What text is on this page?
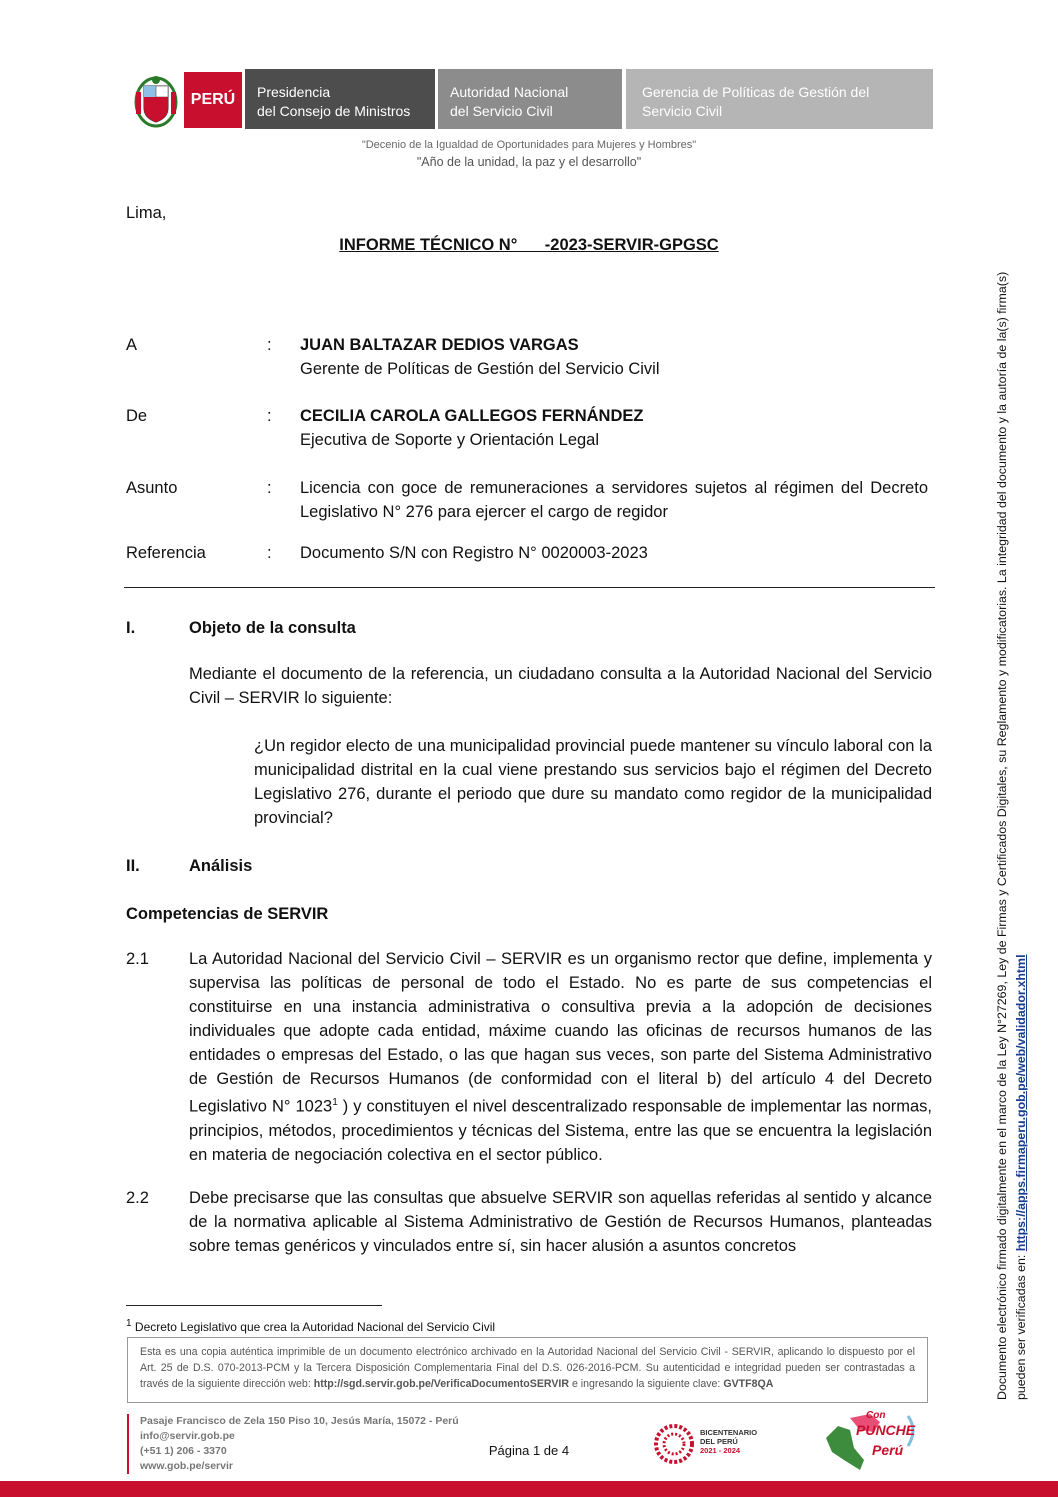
PERÚ Presidencia
del Consejo de Ministros
Autoridad Nacional
del Servicio Civil
Gerencia de Políticas de Gestión del
Servicio Civil
"Decenio de la Igualdad de Oportunidades para Mujeres y Hombres"
"Año de la unidad, la paz y el desarrollo"
Lima,
INFORME TÉCNICO N°      -2023-SERVIR-GPGSC
A	: JUAN BALTAZAR DEDIOS VARGAS
Gerente de Políticas de Gestión del Servicio Civil
De	: CECILIA CAROLA GALLEGOS FERNÁNDEZ
Ejecutiva de Soporte y Orientación Legal
Asunto	: Licencia con goce de remuneraciones a servidores sujetos al régimen del Decreto Legislativo N° 276 para ejercer el cargo de regidor
Referencia	: Documento S/N con Registro N° 0020003-2023
I.	Objeto de la consulta
Mediante el documento de la referencia, un ciudadano consulta a la Autoridad Nacional del Servicio Civil – SERVIR lo siguiente:
¿Un regidor electo de una municipalidad provincial puede mantener su vínculo laboral con la municipalidad distrital en la cual viene prestando sus servicios bajo el régimen del Decreto Legislativo 276, durante el periodo que dure su mandato como regidor de la municipalidad provincial?
II.	Análisis
Competencias de SERVIR
2.1 La Autoridad Nacional del Servicio Civil – SERVIR es un organismo rector que define, implementa y supervisa las políticas de personal de todo el Estado. No es parte de sus competencias el constituirse en una instancia administrativa o consultiva previa a la adopción de decisiones individuales que adopte cada entidad, máxime cuando las oficinas de recursos humanos de las entidades o empresas del Estado, o las que hagan sus veces, son parte del Sistema Administrativo de Gestión de Recursos Humanos (de conformidad con el literal b) del artículo 4 del Decreto Legislativo N° 1023$^1$ ) y constituyen el nivel descentralizado responsable de implementar las normas, principios, métodos, procedimientos y técnicas del Sistema, entre las que se encuentra la legislación en materia de negociación colectiva en el sector público.
2.2 Debe precisarse que las consultas que absuelve SERVIR son aquellas referidas al sentido y alcance de la normativa aplicable al Sistema Administrativo de Gestión de Recursos Humanos, planteadas sobre temas genéricos y vinculados entre sí, sin hacer alusión a asuntos concretos
$^1$ Decreto Legislativo que crea la Autoridad Nacional del Servicio Civil
Esta es una copia auténtica imprimible de un documento electrónico archivado en la Autoridad Nacional del Servicio Civil - SERVIR, aplicando lo dispuesto por el Art. 25 de D.S. 070-2013-PCM y la Tercera Disposición Complementaria Final del D.S. 026-2016-PCM. Su autenticidad e integridad pueden ser contrastadas a través de la siguiente dirección web: http://sgd.servir.gob.pe/VerificaDocumentoSERVIR e ingresando la siguiente clave: GVTF8QA
Pasaje Francisco de Zela 150 Piso 10, Jesús María, 15072 - Perú
info@servir.gob.pe
(+51 1) 206 - 3370
www.gob.pe/servir
Página 1 de 4
BICENTENARIO
DEL PERÚ
2021 - 2024
Con
PUNCHE
Perú
Documento electrónico firmado digitalmente en el marco de la Ley N°27269, Ley de Firmas y Certificados Digitales, su Reglamento y modificatorias. La integridad del documento y la autoría de la(s) firma(s) pueden ser verificadas en: https://apps.firmaperu.gob.pe/web/validador.xhtml
